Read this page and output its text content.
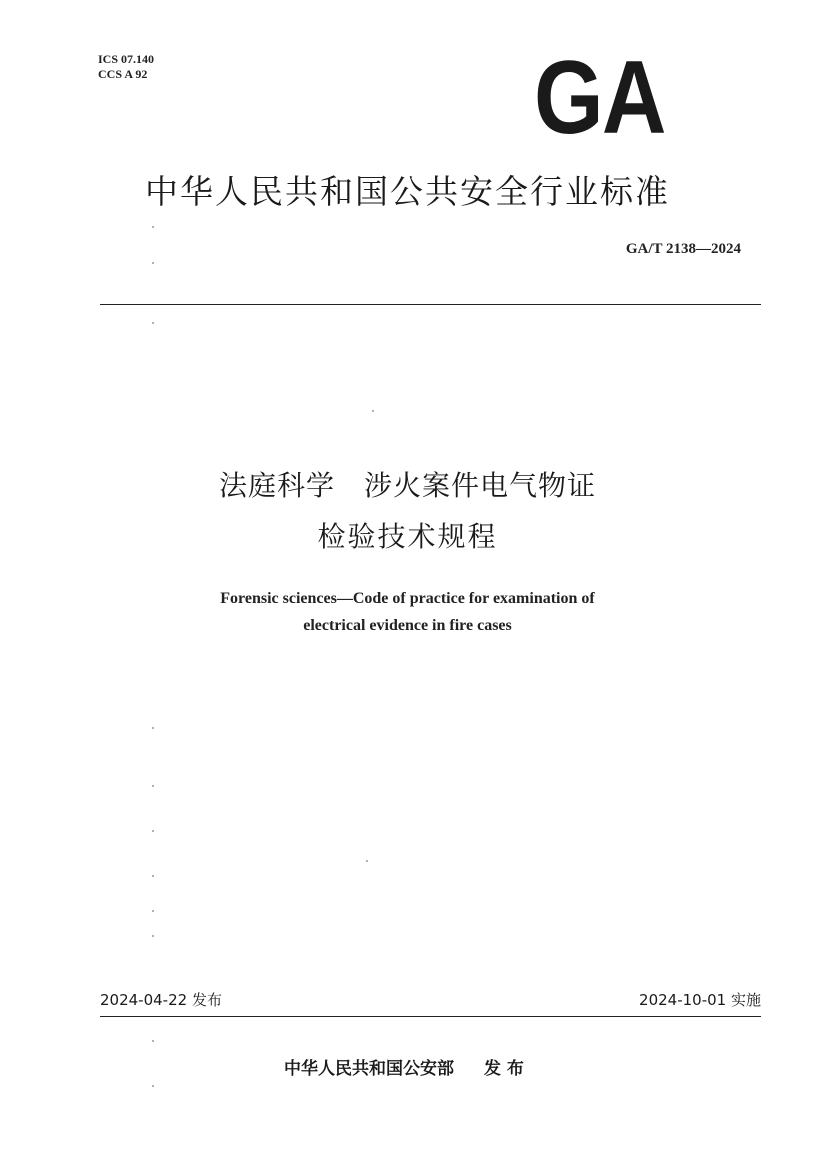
ICS 07.140
CCS A 92	GA
中华人民共和国公共安全行业标准
GA/T 2138—2024
法庭科学　涉火案件电气物证
检验技术规程
Forensic sciences—Code of practice for examination of
electrical evidence in fire cases
2024-04-22 发布	2024-10-01 实施
中华人民共和国公安部 发 布
